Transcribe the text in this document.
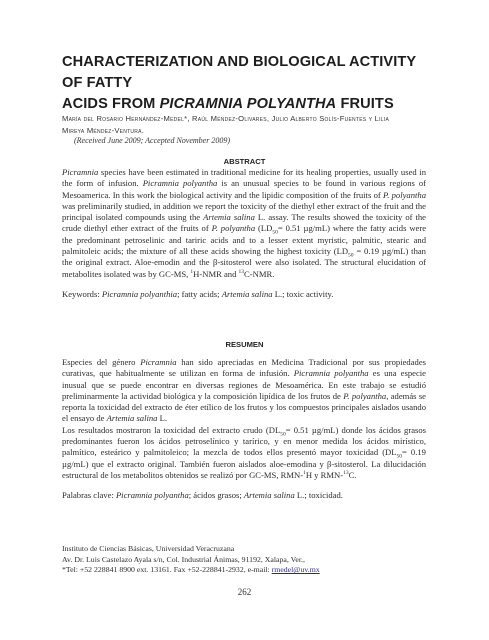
CHARACTERIZATION AND BIOLOGICAL ACTIVITY OF FATTY
ACIDS FROM PICRAMNIA POLYANTHA FRUITS
María del Rosario Hernández-Medel*, Raúl Méndez-Olivares, Julio Alberto Solís-Fuentes y Lilia
Mireya Méndez-Ventura.
(Received June 2009; Accepted November 2009)
ABSTRACT

Picramnia species have been estimated in traditional medicine for its healing properties, usually used in the form of infusion. Picramnia polyantha is an unusual species to be found in various regions of Mesoamerica. In this work the biological activity and the lipidic composition of the fruits of P. polyantha was preliminarily studied, in addition we report the toxicity of the diethyl ether extract of the fruit and the principal isolated compounds using the Artemia salina L. assay. The results showed the toxicity of the crude diethyl ether extract of the fruits of P. polyantha ($LD_{50}= 0.51$ µg/mL) where the fatty acids were the predominant petroselinic and tariric acids and to a lesser extent myristic, palmitic, stearic and palmitoleic acids; the mixture of all these acids showing the highest toxicity ($LD_{50} = 0.19$ µg/mL) than the original extract. Aloe-emodin and the β-sitosterol were also isolated. The structural elucidation of metabolites isolated was by GC-MS, $^1$H-NMR and $^{13}$C-NMR.

Keywords: Picramnia polyanthia; fatty acids; Artemia salina L.; toxic activity.

RESUMEN

Especies del género Picramnia han sido apreciadas en Medicina Tradicional por sus propiedades curativas, que habitualmente se utilizan en forma de infusión. Picramnia polyantha es una especie inusual que se puede encontrar en diversas regiones de Mesoamérica. En este trabajo se estudió preliminarmente la actividad biológica y la composición lipídica de los frutos de P. polyantha, además se reporta la toxicidad del extracto de éter etílico de los frutos y los compuestos principales aislados usando el ensayo de Artemia salina L.

Los resultados mostraron la toxicidad del extracto crudo ($DL_{50}= 0.51$ µg/mL) donde los ácidos grasos predominantes fueron los ácidos petroselínico y tarírico, y en menor medida los ácidos mirístico, palmítico, esteárico y palmitoleico; la mezcla de todos ellos presentó mayor toxicidad ($DL_{50}= 0.19$ µg/mL) que el extracto original. También fueron aislados aloe-emodina y β-sitosterol. La dilucidación estructural de los metabolitos obtenidos se realizó por GC-MS, RMN-$^1$H y RMN-$^{13}$C.

Palabras clave: Picramnia polyantha; ácidos grasos; Artemia salina L.; toxicidad.

Instituto de Ciencias Básicas, Universidad Veracruzana
Av. Dr. Luis Castelazo Ayala s/n, Col. Industrial Ánimas, 91192, Xalapa, Ver.,
*Tel: +52 228841 8900 ext. 13161. Fax +52-228841-2932, e-mail: rmedel@uv.mx
262
